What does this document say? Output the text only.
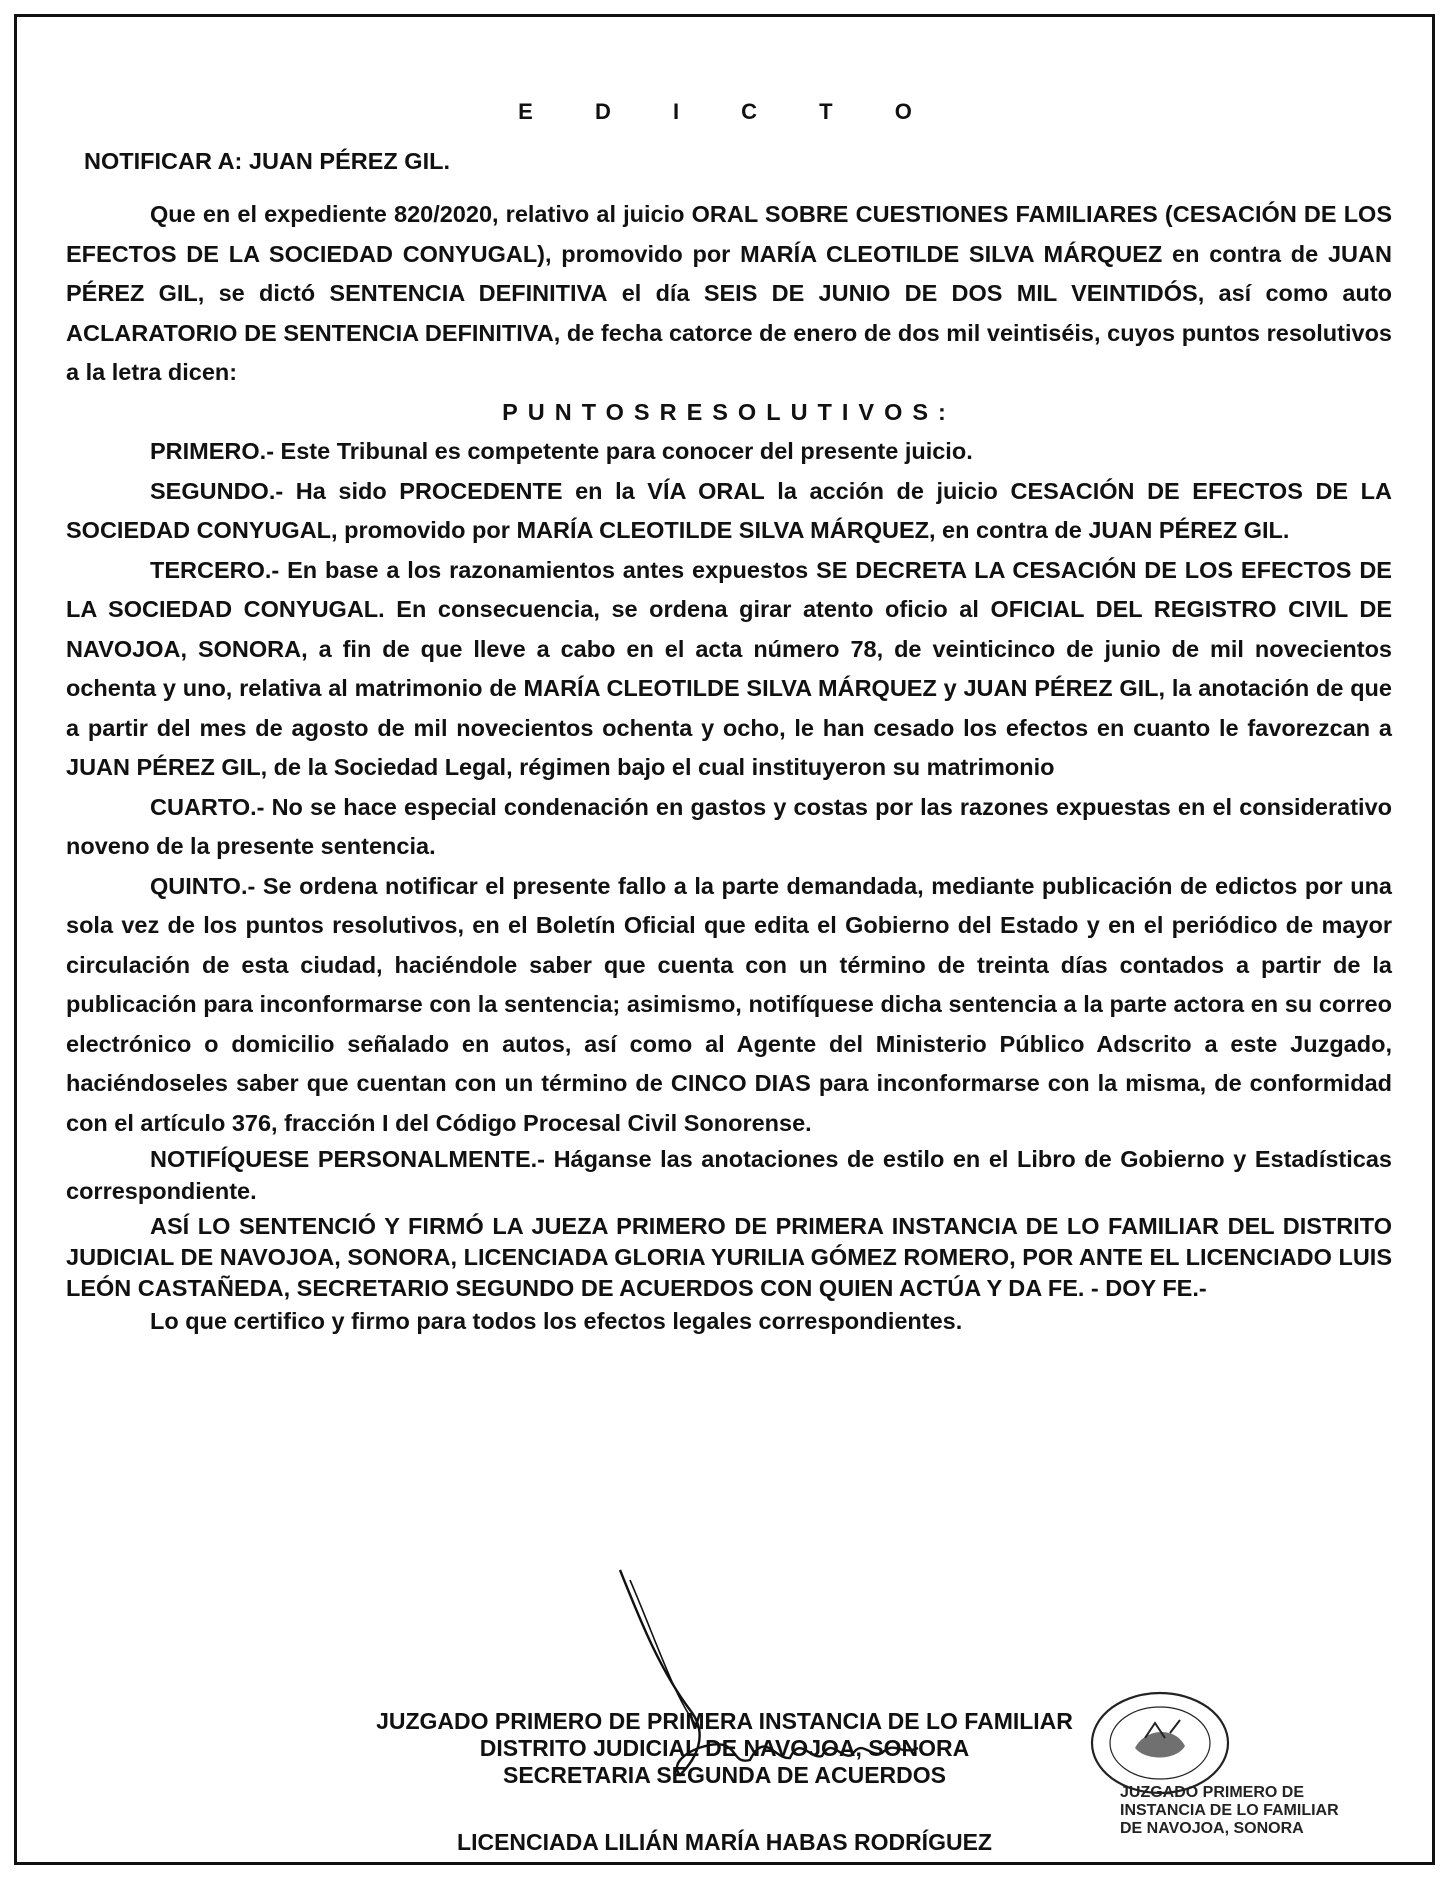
E D I C T O
NOTIFICAR A: JUAN PÉREZ GIL.

Que en el expediente 820/2020, relativo al juicio ORAL SOBRE CUESTIONES FAMILIARES (CESACIÓN DE LOS EFECTOS DE LA SOCIEDAD CONYUGAL), promovido por MARÍA CLEOTILDE SILVA MÁRQUEZ en contra de JUAN PÉREZ GIL, se dictó SENTENCIA DEFINITIVA el día SEIS DE JUNIO DE DOS MIL VEINTIDÓS, así como auto ACLARATORIO DE SENTENCIA DEFINITIVA, de fecha catorce de enero de dos mil veintiséis, cuyos puntos resolutivos a la letra dicen:

PUNTOSRESOLUTIVOS:

PRIMERO.- Este Tribunal es competente para conocer del presente juicio.

SEGUNDO.- Ha sido PROCEDENTE en la VÍA ORAL la acción de juicio CESACIÓN DE EFECTOS DE LA SOCIEDAD CONYUGAL, promovido por MARÍA CLEOTILDE SILVA MÁRQUEZ, en contra de JUAN PÉREZ GIL.

TERCERO.- En base a los razonamientos antes expuestos SE DECRETA LA CESACIÓN DE LOS EFECTOS DE LA SOCIEDAD CONYUGAL. En consecuencia, se ordena girar atento oficio al OFICIAL DEL REGISTRO CIVIL DE NAVOJOA, SONORA, a fin de que lleve a cabo en el acta número 78, de veinticinco de junio de mil novecientos ochenta y uno, relativa al matrimonio de MARÍA CLEOTILDE SILVA MÁRQUEZ y JUAN PÉREZ GIL, la anotación de que a partir del mes de agosto de mil novecientos ochenta y ocho, le han cesado los efectos en cuanto le favorezcan a JUAN PÉREZ GIL, de la Sociedad Legal, régimen bajo el cual instituyeron su matrimonio

CUARTO.- No se hace especial condenación en gastos y costas por las razones expuestas en el considerativo noveno de la presente sentencia.

QUINTO.- Se ordena notificar el presente fallo a la parte demandada, mediante publicación de edictos por una sola vez de los puntos resolutivos, en el Boletín Oficial que edita el Gobierno del Estado y en el periódico de mayor circulación de esta ciudad, haciéndole saber que cuenta con un término de treinta días contados a partir de la publicación para inconformarse con la sentencia; asimismo, notifíquese dicha sentencia a la parte actora en su correo electrónico o domicilio señalado en autos, así como al Agente del Ministerio Público Adscrito a este Juzgado, haciéndoseles saber que cuentan con un término de CINCO DIAS para inconformarse con la misma, de conformidad con el artículo 376, fracción I del Código Procesal Civil Sonorense.

NOTIFÍQUESE PERSONALMENTE.- Háganse las anotaciones de estilo en el Libro de Gobierno y Estadísticas correspondiente.

ASÍ LO SENTENCIÓ Y FIRMÓ LA JUEZA PRIMERO DE PRIMERA INSTANCIA DE LO FAMILIAR DEL DISTRITO JUDICIAL DE NAVOJOA, SONORA, LICENCIADA GLORIA YURILIA GÓMEZ ROMERO, POR ANTE EL LICENCIADO LUIS LEÓN CASTAÑEDA, SECRETARIO SEGUNDO DE ACUERDOS CON QUIEN ACTÚA Y DA FE. - DOY FE.-

Lo que certifico y firmo para todos los efectos legales correspondientes.

JUZGADO PRIMERO DE PRIMERA INSTANCIA DE LO FAMILIAR
DISTRITO JUDICIAL DE NAVOJOA, SONORA
SECRETARIA SEGUNDA DE ACUERDOS
JUZGADO PRIMERO DE
INSTANCIA DE LO FAMILIAR
DE NAVOJOA, SONORA
LICENCIADA LILIÁN MARÍA HABAS RODRÍGUEZ
